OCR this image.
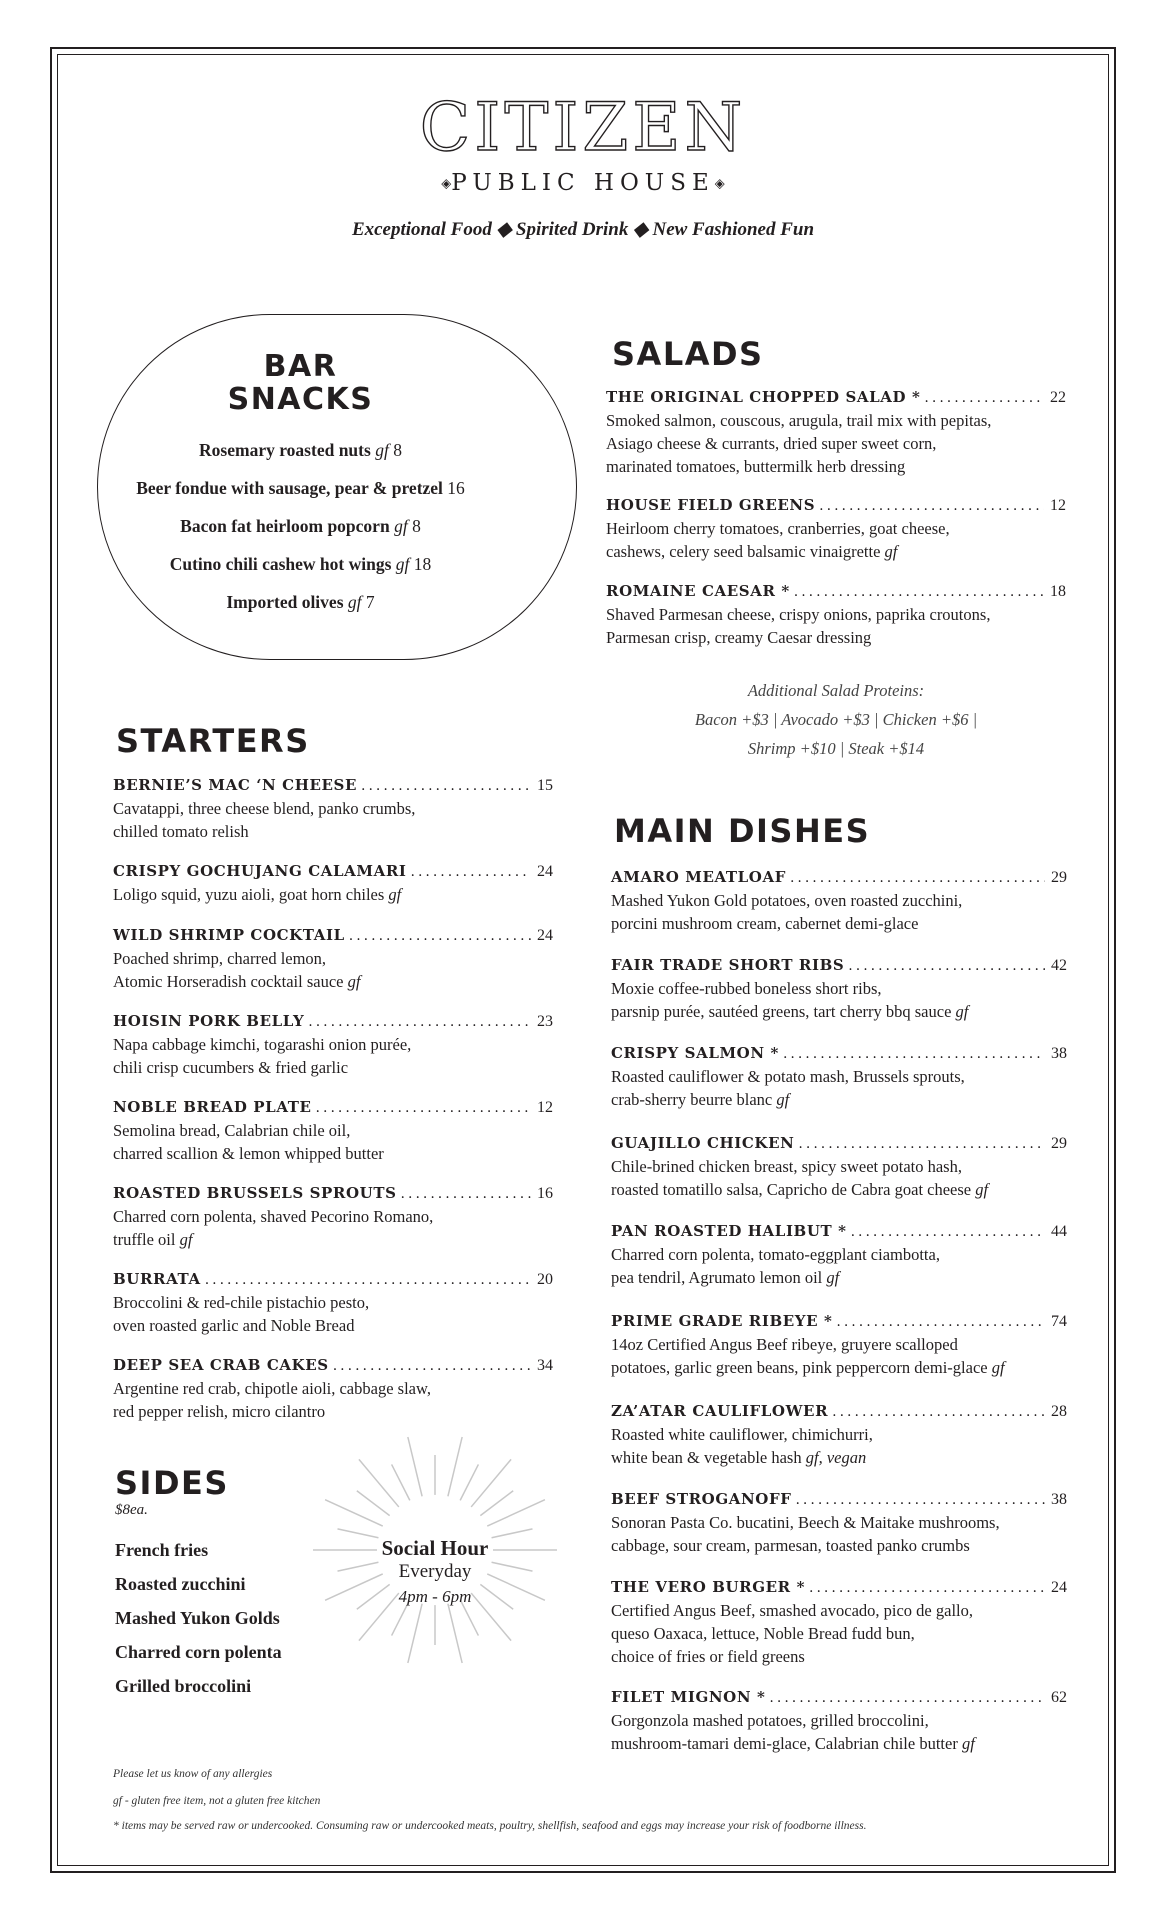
CITIZEN
◈PUBLIC HOUSE◈
Exceptional Food ◆ Spirited Drink ◆ New Fashioned Fun
BAR
SNACKS
Rosemary roasted nuts gf 8
Beer fondue with sausage, pear & pretzel 16
Bacon fat heirloom popcorn gf 8
Cutino chili cashew hot wings gf 18
Imported olives gf 7
SALADS
STARTERS
MAIN DISHES
SIDES
THE ORIGINAL CHOPPED SALAD * .....	22
Smoked salmon, couscous, arugula, trail mix with pepitas,
Asiago cheese & currants, dried super sweet corn,
marinated tomatoes, buttermilk herb dressing
HOUSE FIELD GREENS .....	12
Heirloom cherry tomatoes, cranberries, goat cheese,
cashews, celery seed balsamic vinaigrette gf
ROMAINE CAESAR * .....	18
Shaved Parmesan cheese, crispy onions, paprika croutons,
Parmesan crisp, creamy Caesar dressing
Additional Salad Proteins:
Bacon +$3 | Avocado +$3 | Chicken +$6 |
Shrimp +$10 | Steak +$14
BERNIE’S MAC ‘N CHEESE .....	15
Cavatappi, three cheese blend, panko crumbs,
chilled tomato relish
CRISPY GOCHUJANG CALAMARI .....	24
Loligo squid, yuzu aioli, goat horn chiles gf
WILD SHRIMP COCKTAIL .....	24
Poached shrimp, charred lemon,
Atomic Horseradish cocktail sauce gf
HOISIN PORK BELLY .....	23
Napa cabbage kimchi, togarashi onion purée,
chili crisp cucumbers & fried garlic
NOBLE BREAD PLATE .....	12
Semolina bread, Calabrian chile oil,
charred scallion & lemon whipped butter
ROASTED BRUSSELS SPROUTS .....	16
Charred corn polenta, shaved Pecorino Romano,
truffle oil gf
BURRATA .....	20
Broccolini & red-chile pistachio pesto,
oven roasted garlic and Noble Bread
DEEP SEA CRAB CAKES .....	34
Argentine red crab, chipotle aioli, cabbage slaw,
red pepper relish, micro cilantro
AMARO MEATLOAF .....	29
Mashed Yukon Gold potatoes, oven roasted zucchini,
porcini mushroom cream, cabernet demi-glace
FAIR TRADE SHORT RIBS .....	42
Moxie coffee-rubbed boneless short ribs,
parsnip purée, sautéed greens, tart cherry bbq sauce gf
CRISPY SALMON * .....	38
Roasted cauliflower & potato mash, Brussels sprouts,
crab-sherry beurre blanc gf
GUAJILLO CHICKEN .....	29
Chile-brined chicken breast, spicy sweet potato hash,
roasted tomatillo salsa, Capricho de Cabra goat cheese gf
PAN ROASTED HALIBUT * .....	44
Charred corn polenta, tomato-eggplant ciambotta,
pea tendril, Agrumato lemon oil gf
PRIME GRADE RIBEYE * .....	74
14oz Certified Angus Beef ribeye, gruyere scalloped
potatoes, garlic green beans, pink peppercorn demi-glace gf
ZA’ATAR CAULIFLOWER .....	28
Roasted white cauliflower, chimichurri,
white bean & vegetable hash gf, vegan
BEEF STROGANOFF .....	38
Sonoran Pasta Co. bucatini, Beech & Maitake mushrooms,
cabbage, sour cream, parmesan, toasted panko crumbs
THE VERO BURGER * .....	24
Certified Angus Beef, smashed avocado, pico de gallo,
queso Oaxaca, lettuce, Noble Bread fudd bun,
choice of fries or field greens
FILET MIGNON * .....	62
Gorgonzola mashed potatoes, grilled broccolini,
mushroom-tamari demi-glace, Calabrian chile butter gf
$8ea.
French fries
Roasted zucchini
Mashed Yukon Golds
Charred corn polenta
Grilled broccolini
Social Hour
Everyday
4pm - 6pm
Please let us know of any allergies
gf - gluten free item, not a gluten free kitchen
* items may be served raw or undercooked. Consuming raw or undercooked meats, poultry, shellfish, seafood and eggs may increase your risk of foodborne illness.
